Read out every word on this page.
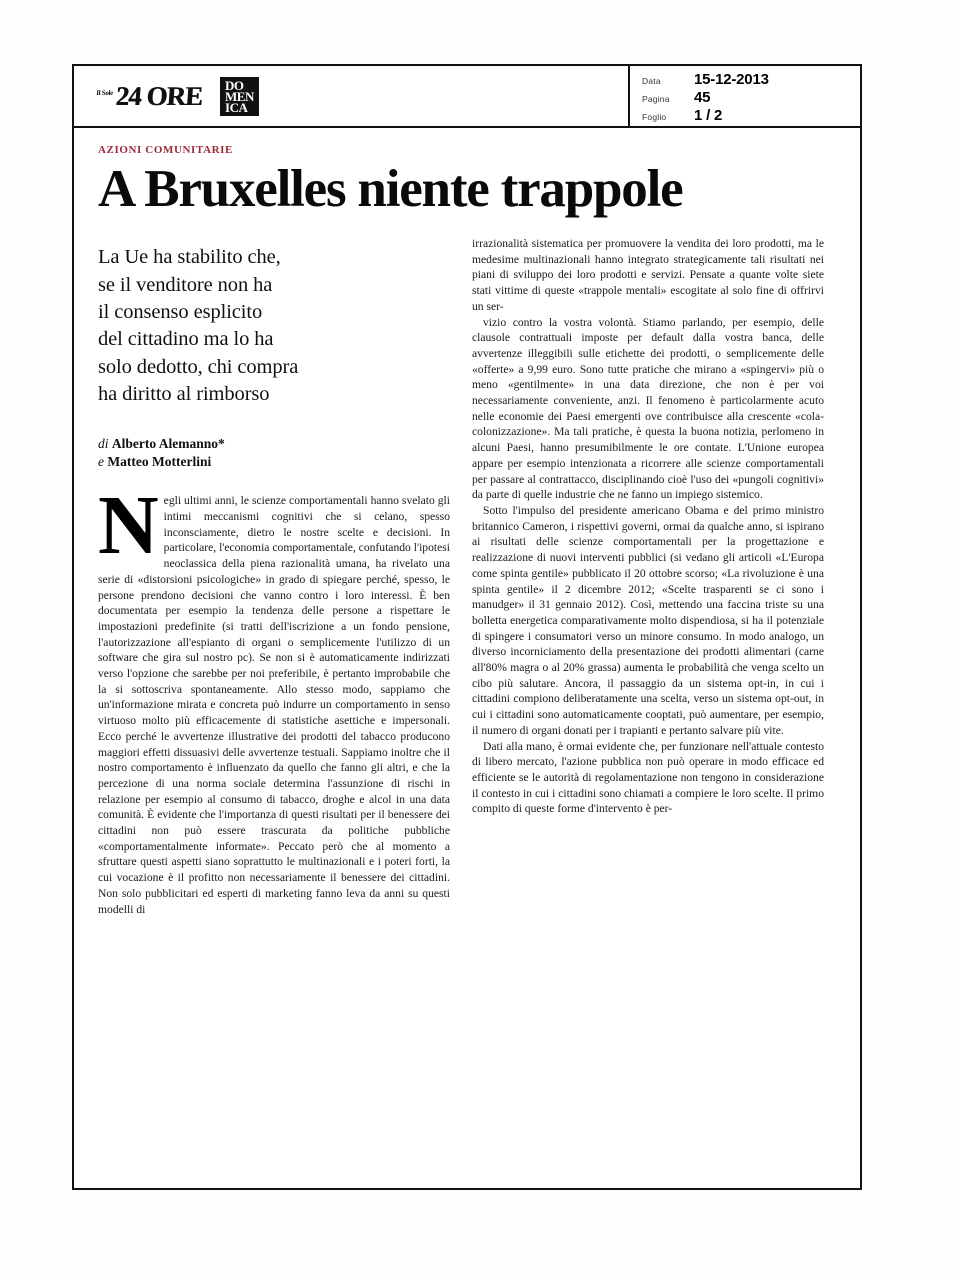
Il Sole 24 ORE DO
MEN
ICA
Data	15-12-2013
Pagina	45
Foglio	1 / 2
AZIONI COMUNITARIE
A Bruxelles niente trappole
La Ue ha stabilito che,
se il venditore non ha
il consenso esplicito
del cittadino ma lo ha
solo dedotto, chi compra
ha diritto al rimborso
di Alberto Alemanno*
e Matteo Motterlini

Negli ultimi anni, le scienze comportamentali hanno svelato gli intimi meccanismi cognitivi che si celano, spesso inconsciamente, dietro le nostre scelte e decisioni. In particolare, l'economia comportamentale, confutando l'ipotesi neoclassica della piena razionalità umana, ha rivelato una serie di «distorsioni psicologiche» in grado di spiegare perché, spesso, le persone prendono decisioni che vanno contro i loro interessi. È ben documentata per esempio la tendenza delle persone a rispettare le impostazioni predefinite (si tratti dell'iscrizione a un fondo pensione, l'autorizzazione all'espianto di organi o semplicemente l'utilizzo di un software che gira sul nostro pc). Se non si è automaticamente indirizzati verso l'opzione che sarebbe per noi preferibile, è pertanto improbabile che la si sottoscriva spontaneamente. Allo stesso modo, sappiamo che un'informazione mirata e concreta può indurre un comportamento in senso virtuoso molto più efficacemente di statistiche asettiche e impersonali. Ecco perché le avvertenze illustrative dei prodotti del tabacco producono maggiori effetti dissuasivi delle avvertenze testuali. Sappiamo inoltre che il nostro comportamento è influenzato da quello che fanno gli altri, e che la percezione di una norma sociale determina l'assunzione di rischi in relazione per esempio al consumo di tabacco, droghe e alcol in una data comunità. È evidente che l'importanza di questi risultati per il benessere dei cittadini non può essere trascurata da politiche pubbliche «comportamentalmente informate». Peccato però che al momento a sfruttare questi aspetti siano soprattutto le multinazionali e i poteri forti, la cui vocazione è il profitto non necessariamente il benessere dei cittadini. Non solo pubblicitari ed esperti di marketing fanno leva da anni su questi modelli di

irrazionalità sistematica per promuovere la vendita dei loro prodotti, ma le medesime multinazionali hanno integrato strategicamente tali risultati nei piani di sviluppo dei loro prodotti e servizi. Pensate a quante volte siete stati vittime di queste «trappole mentali» escogitate al solo fine di offrirvi un ser-

vizio contro la vostra volontà. Stiamo parlando, per esempio, delle clausole contrattuali imposte per default dalla vostra banca, delle avvertenze illeggibili sulle etichette dei prodotti, o semplicemente delle «offerte» a 9,99 euro. Sono tutte pratiche che mirano a «spingervi» più o meno «gentilmente» in una data direzione, che non è per voi necessariamente conveniente, anzi. Il fenomeno è particolarmente acuto nelle economie dei Paesi emergenti ove contribuisce alla crescente «cola-colonizzazione». Ma tali pratiche, è questa la buona notizia, perlomeno in alcuni Paesi, hanno presumibilmente le ore contate. L'Unione europea appare per esempio intenzionata a ricorrere alle scienze comportamentali per passare al contrattacco, disciplinando cioè l'uso dei «pungoli cognitivi» da parte di quelle industrie che ne fanno un impiego sistemico.

Sotto l'impulso del presidente americano Obama e del primo ministro britannico Cameron, i rispettivi governi, ormai da qualche anno, si ispirano ai risultati delle scienze comportamentali per la progettazione e realizzazione di nuovi interventi pubblici (si vedano gli articoli «L'Europa come spinta gentile» pubblicato il 20 ottobre scorso; «La rivoluzione è una spinta gentile» il 2 dicembre 2012; «Scelte trasparenti se ci sono i manudger» il 31 gennaio 2012). Così, mettendo una faccina triste su una bolletta energetica comparativamente molto dispendiosa, si ha il potenziale di spingere i consumatori verso un minore consumo. In modo analogo, un diverso incorniciamento della presentazione dei prodotti alimentari (carne all'80% magra o al 20% grassa) aumenta le probabilità che venga scelto un cibo più salutare. Ancora, il passaggio da un sistema opt-in, in cui i cittadini compiono deliberatamente una scelta, verso un sistema opt-out, in cui i cittadini sono automaticamente cooptati, può aumentare, per esempio, il numero di organi donati per i trapianti e pertanto salvare più vite.

Dati alla mano, è ormai evidente che, per funzionare nell'attuale contesto di libero mercato, l'azione pubblica non può operare in modo efficace ed efficiente se le autorità di regolamentazione non tengono in considerazione il contesto in cui i cittadini sono chiamati a compiere le loro scelte. Il primo compito di queste forme d'intervento è per-
